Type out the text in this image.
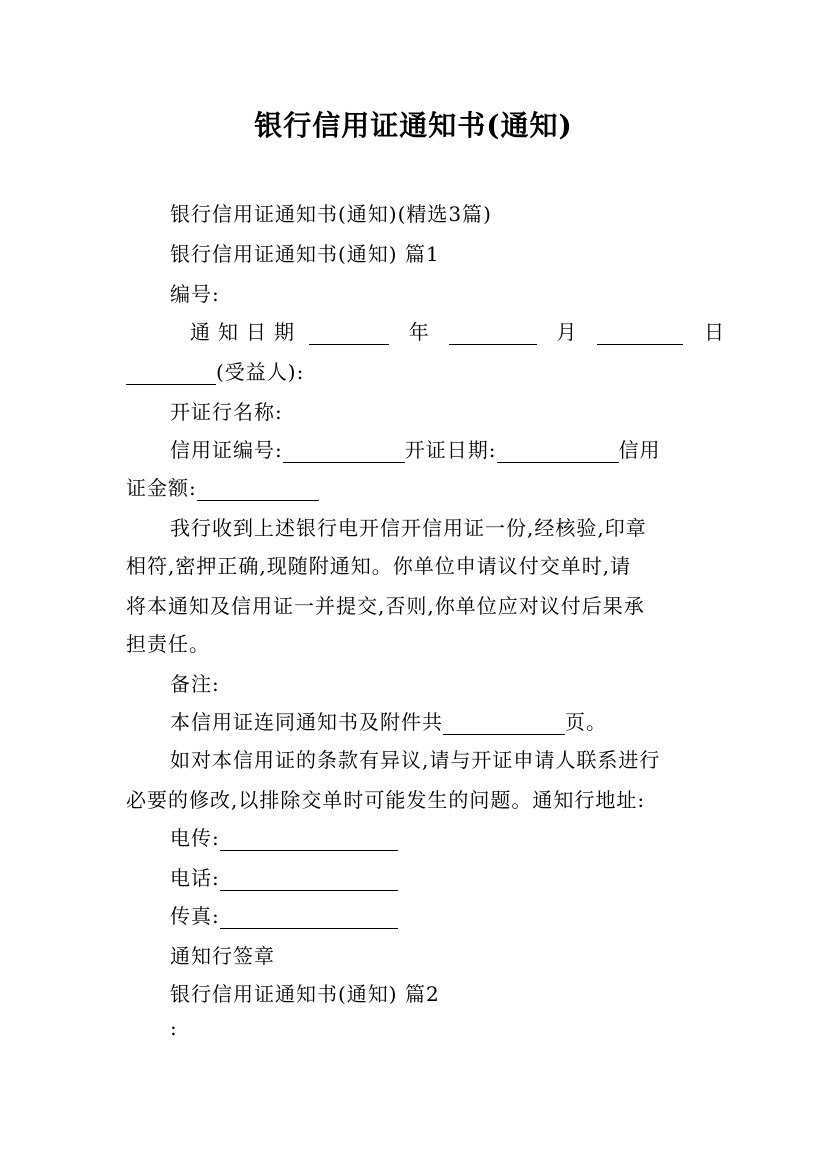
银行信用证通知书(通知)
银行信用证通知书(通知)(精选3篇)
银行信用证通知书(通知) 篇1
编号:
通知日期	年	月	日
(受益人):
开证行名称:
信用证编号:	开证日期:	信用
证金额:
我行收到上述银行电开信开信用证一份,经核验,印章
相符,密押正确,现随附通知。你单位申请议付交单时,请
将本通知及信用证一并提交,否则,你单位应对议付后果承
担责任。
备注:
本信用证连同通知书及附件共	页。
如对本信用证的条款有异议,请与开证申请人联系进行
必要的修改,以排除交单时可能发生的问题。通知行地址:
电传:
电话:
传真:
通知行签章
银行信用证通知书(通知) 篇2
:
